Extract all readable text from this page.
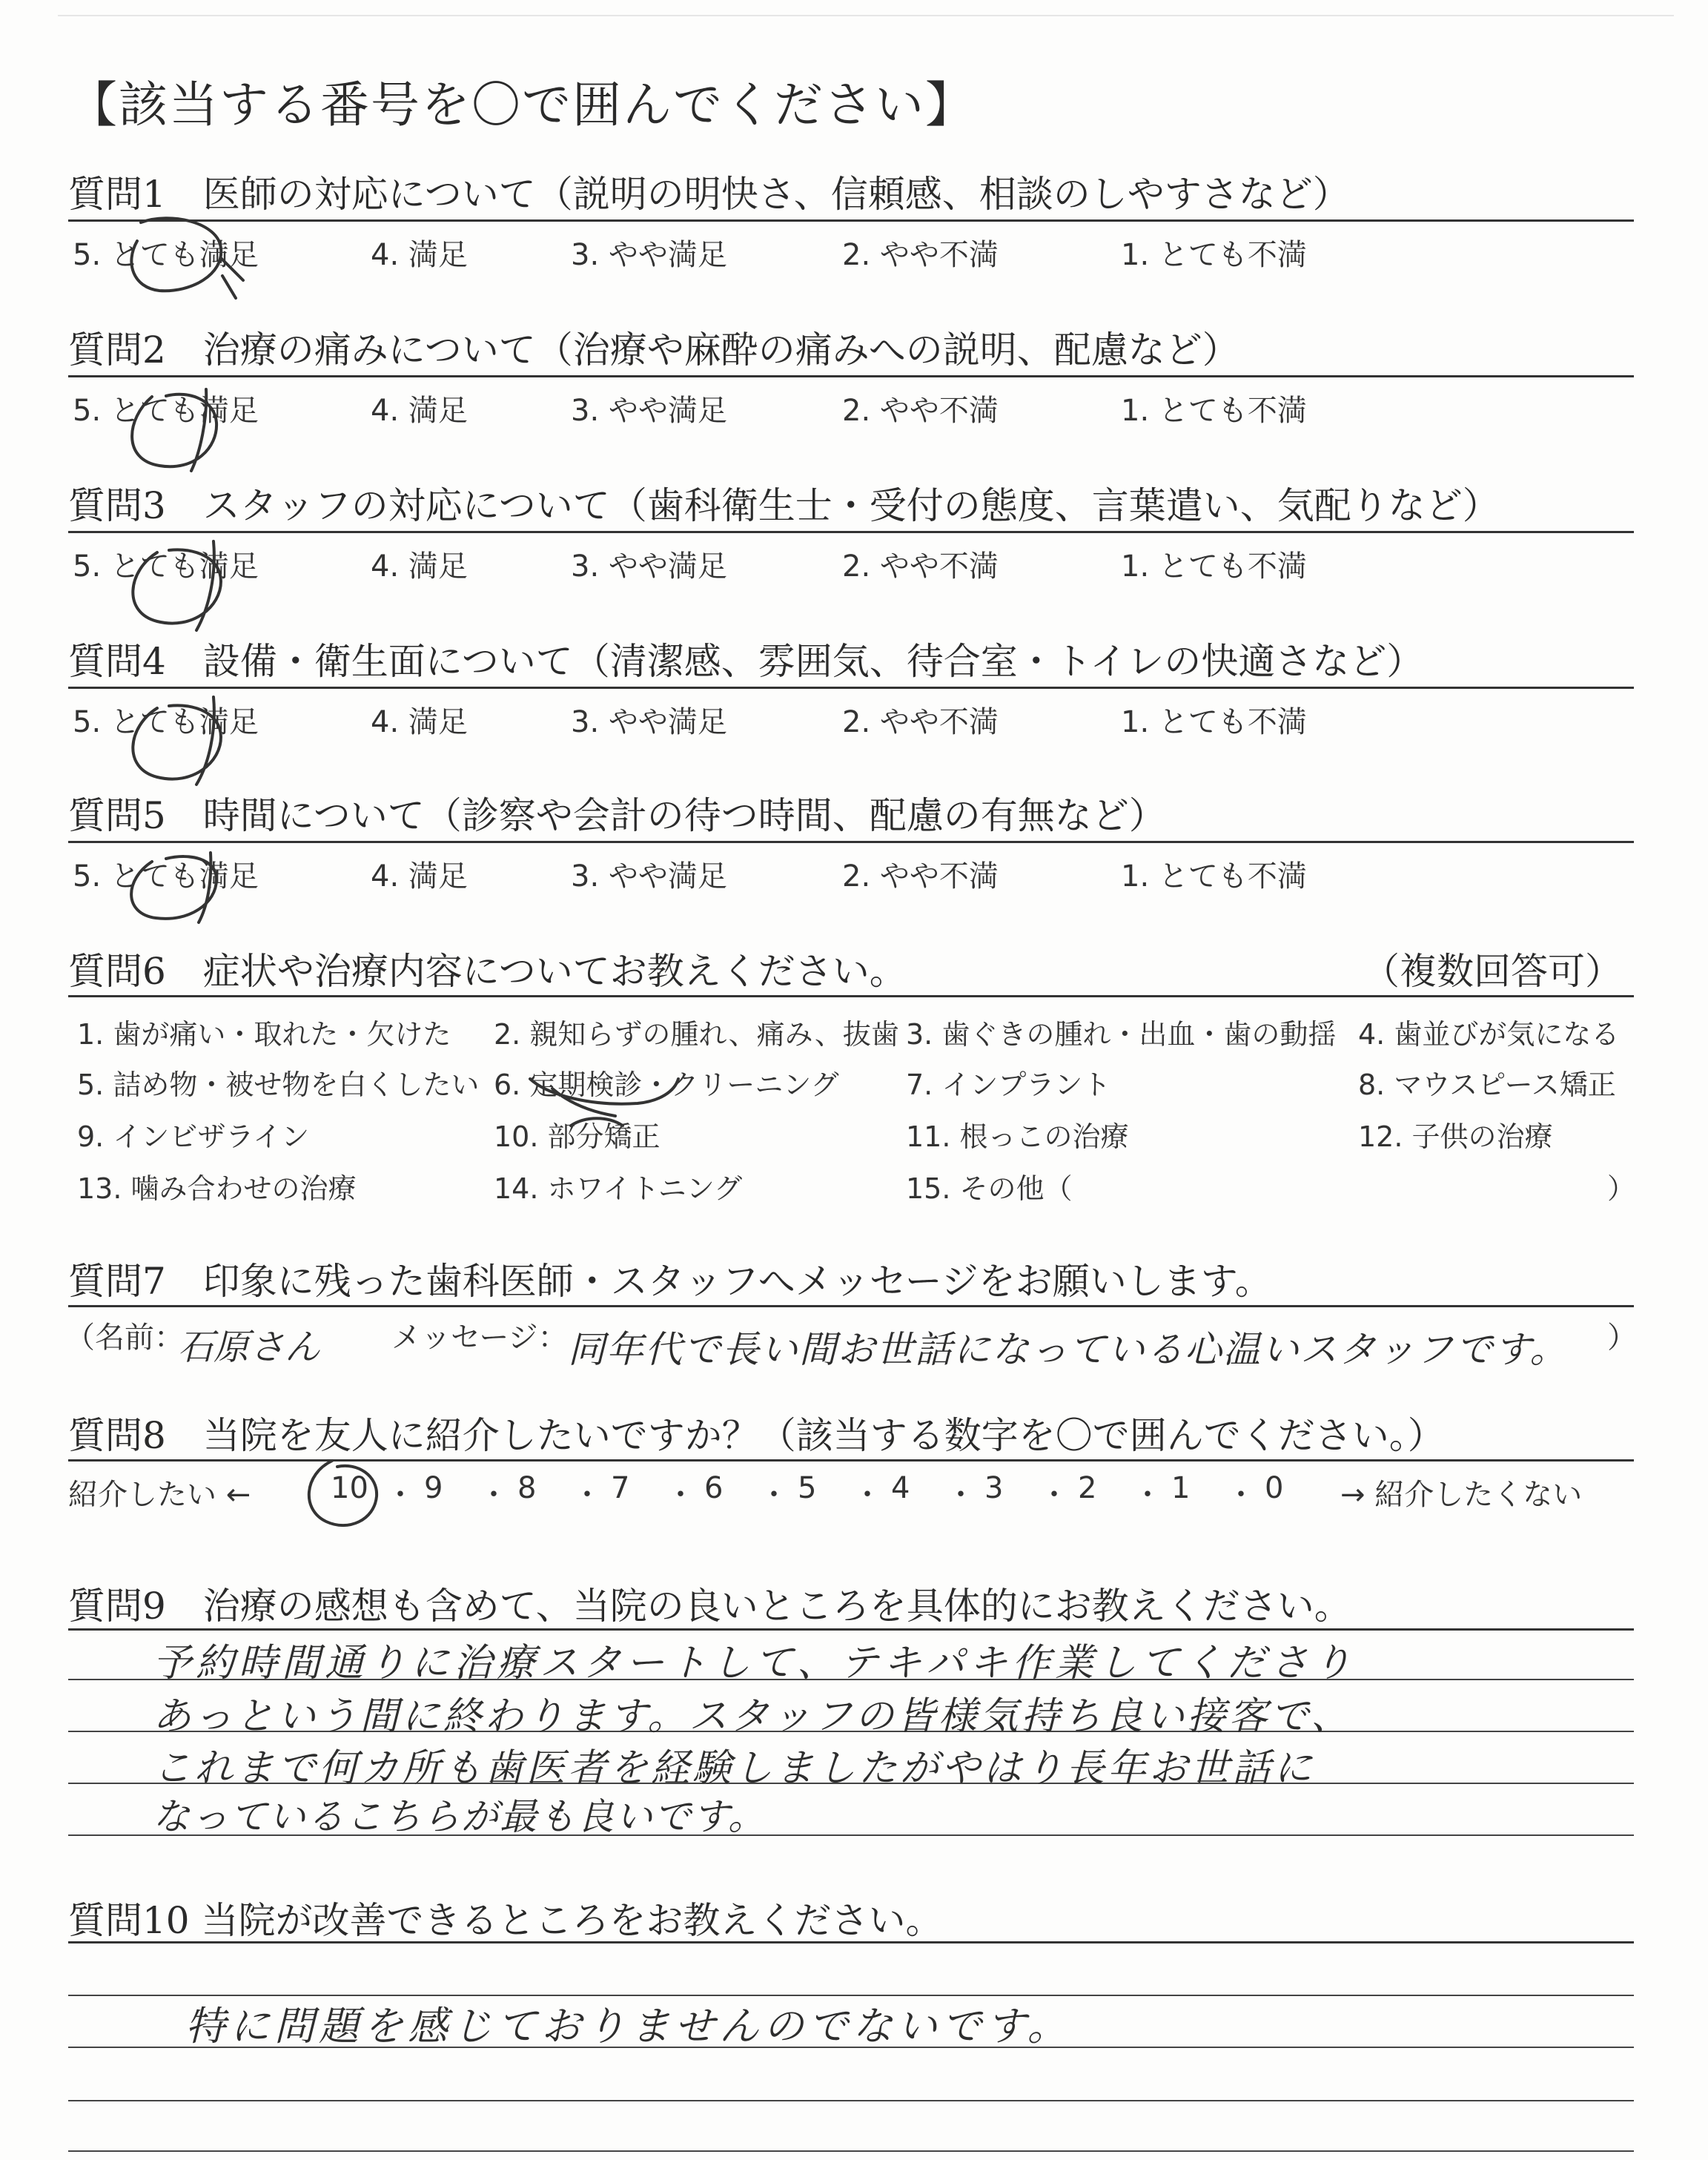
【該当する番号を〇で囲んでください】
質問1　医師の対応について（説明の明快さ、信頼感、相談のしやすさなど）
5. とても満足	4. 満足	3. やや満足	2. やや不満	1. とても不満
質問2　治療の痛みについて（治療や麻酔の痛みへの説明、配慮など）
5. とても満足	4. 満足	3. やや満足	2. やや不満	1. とても不満
質問3　スタッフの対応について（歯科衛生士・受付の態度、言葉遣い、気配りなど）
5. とても満足	4. 満足	3. やや満足	2. やや不満	1. とても不満
質問4　設備・衛生面について（清潔感、雰囲気、待合室・トイレの快適さなど）
5. とても満足	4. 満足	3. やや満足	2. やや不満	1. とても不満
質問5　時間について（診察や会計の待つ時間、配慮の有無など）
5. とても満足	4. 満足	3. やや満足	2. やや不満	1. とても不満
質問6　症状や治療内容についてお教えください。	（複数回答可）
1. 歯が痛い・取れた・欠けた 2. 親知らずの腫れ、痛み、抜歯 3. 歯ぐきの腫れ・出血・歯の動揺 4. 歯並びが気になる
5. 詰め物・被せ物を白くしたい 6. 定期検診・クリーニング 7. インプラント	8. マウスピース矯正
9. インビザライン	10. 部分矯正	11. 根っこの治療	12. 子供の治療
13. 噛み合わせの治療	14. ホワイトニング	15. その他（	）
質問7　印象に残った歯科医師・スタッフへメッセージをお願いします。
（名前：
石原さん メッセージ： 同年代で長い間お世話になっている心温いスタッフです。 ）
質問8　当院を友人に紹介したいですか？（該当する数字を〇で囲んでください。）
紹介したい ←	→ 紹介したくない
10 ・ 9 ・ 8 ・ 7 ・ 6 ・ 5 ・ 4 ・ 3 ・ 2 ・ 1 ・ 0
質問9　治療の感想も含めて、当院の良いところを具体的にお教えください。
予約時間通りに治療スタートして、テキパキ作業してくださり
あっという間に終わります。スタッフの皆様気持ち良い接客で、
これまで何カ所も歯医者を経験しましたがやはり長年お世話に
なっているこちらが最も良いです。
質問10 当院が改善できるところをお教えください。
特に問題を感じておりませんのでないです。
